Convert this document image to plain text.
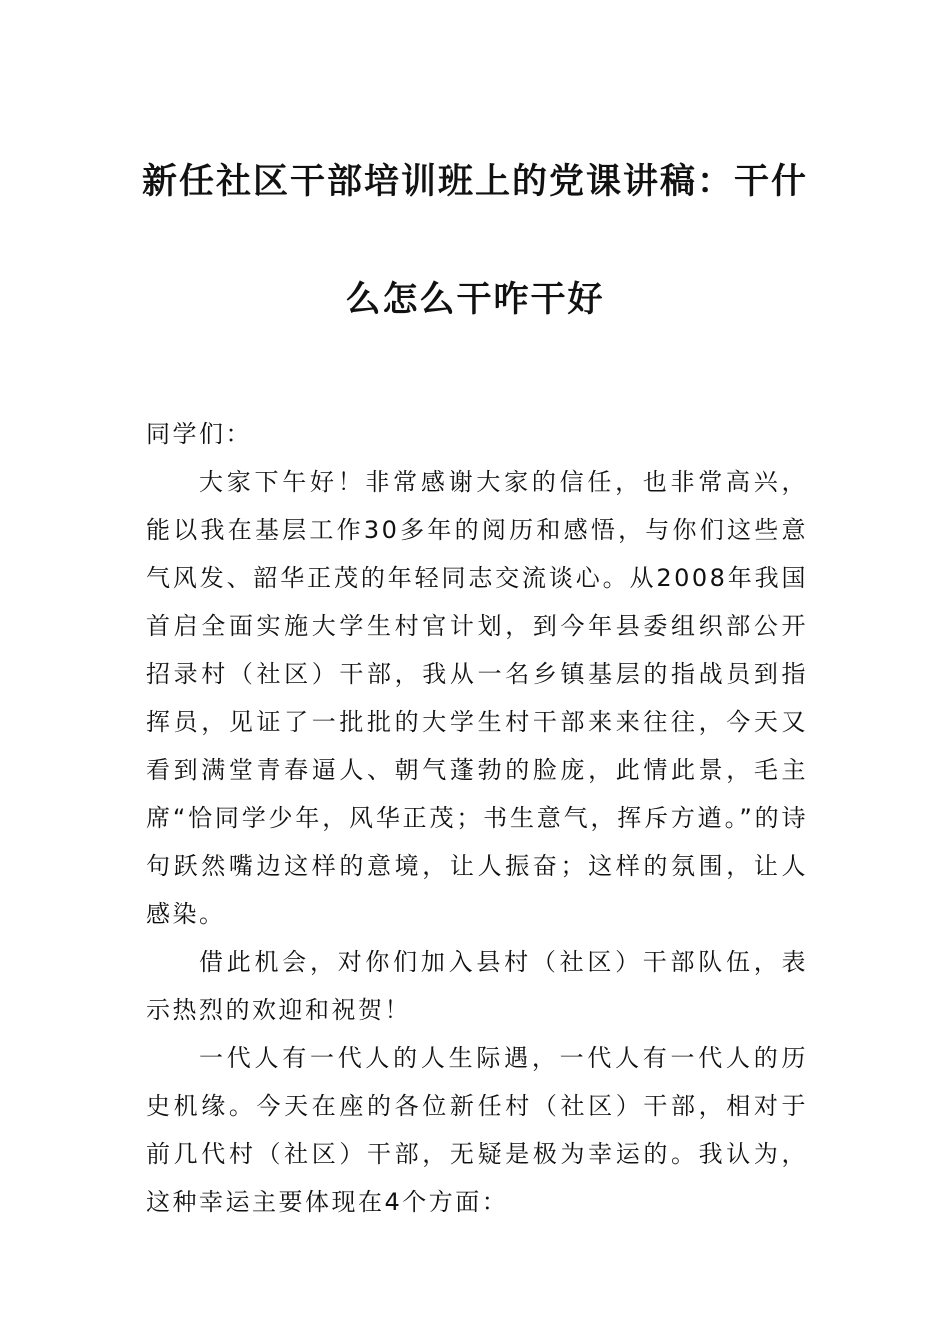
新任社区干部培训班上的党课讲稿：干什
么怎么干咋干好

同学们：

大家下午好！非常感谢大家的信任，也非常高兴，能以我在基层工作30多年的阅历和感悟，与你们这些意气风发、韶华正茂的年轻同志交流谈心。从2008年我国首启全面实施大学生村官计划，到今年县委组织部公开招录村（社区）干部，我从一名乡镇基层的指战员到指挥员，见证了一批批的大学生村干部来来往往，今天又看到满堂青春逼人、朝气蓬勃的脸庞，此情此景，毛主席“恰同学少年，风华正茂；书生意气，挥斥方遒。”的诗句跃然嘴边这样的意境，让人振奋；这样的氛围，让人感染。

借此机会，对你们加入县村（社区）干部队伍，表示热烈的欢迎和祝贺！

一代人有一代人的人生际遇，一代人有一代人的历史机缘。今天在座的各位新任村（社区）干部，相对于前几代村（社区）干部，无疑是极为幸运的。我认为，这种幸运主要体现在4个方面：
